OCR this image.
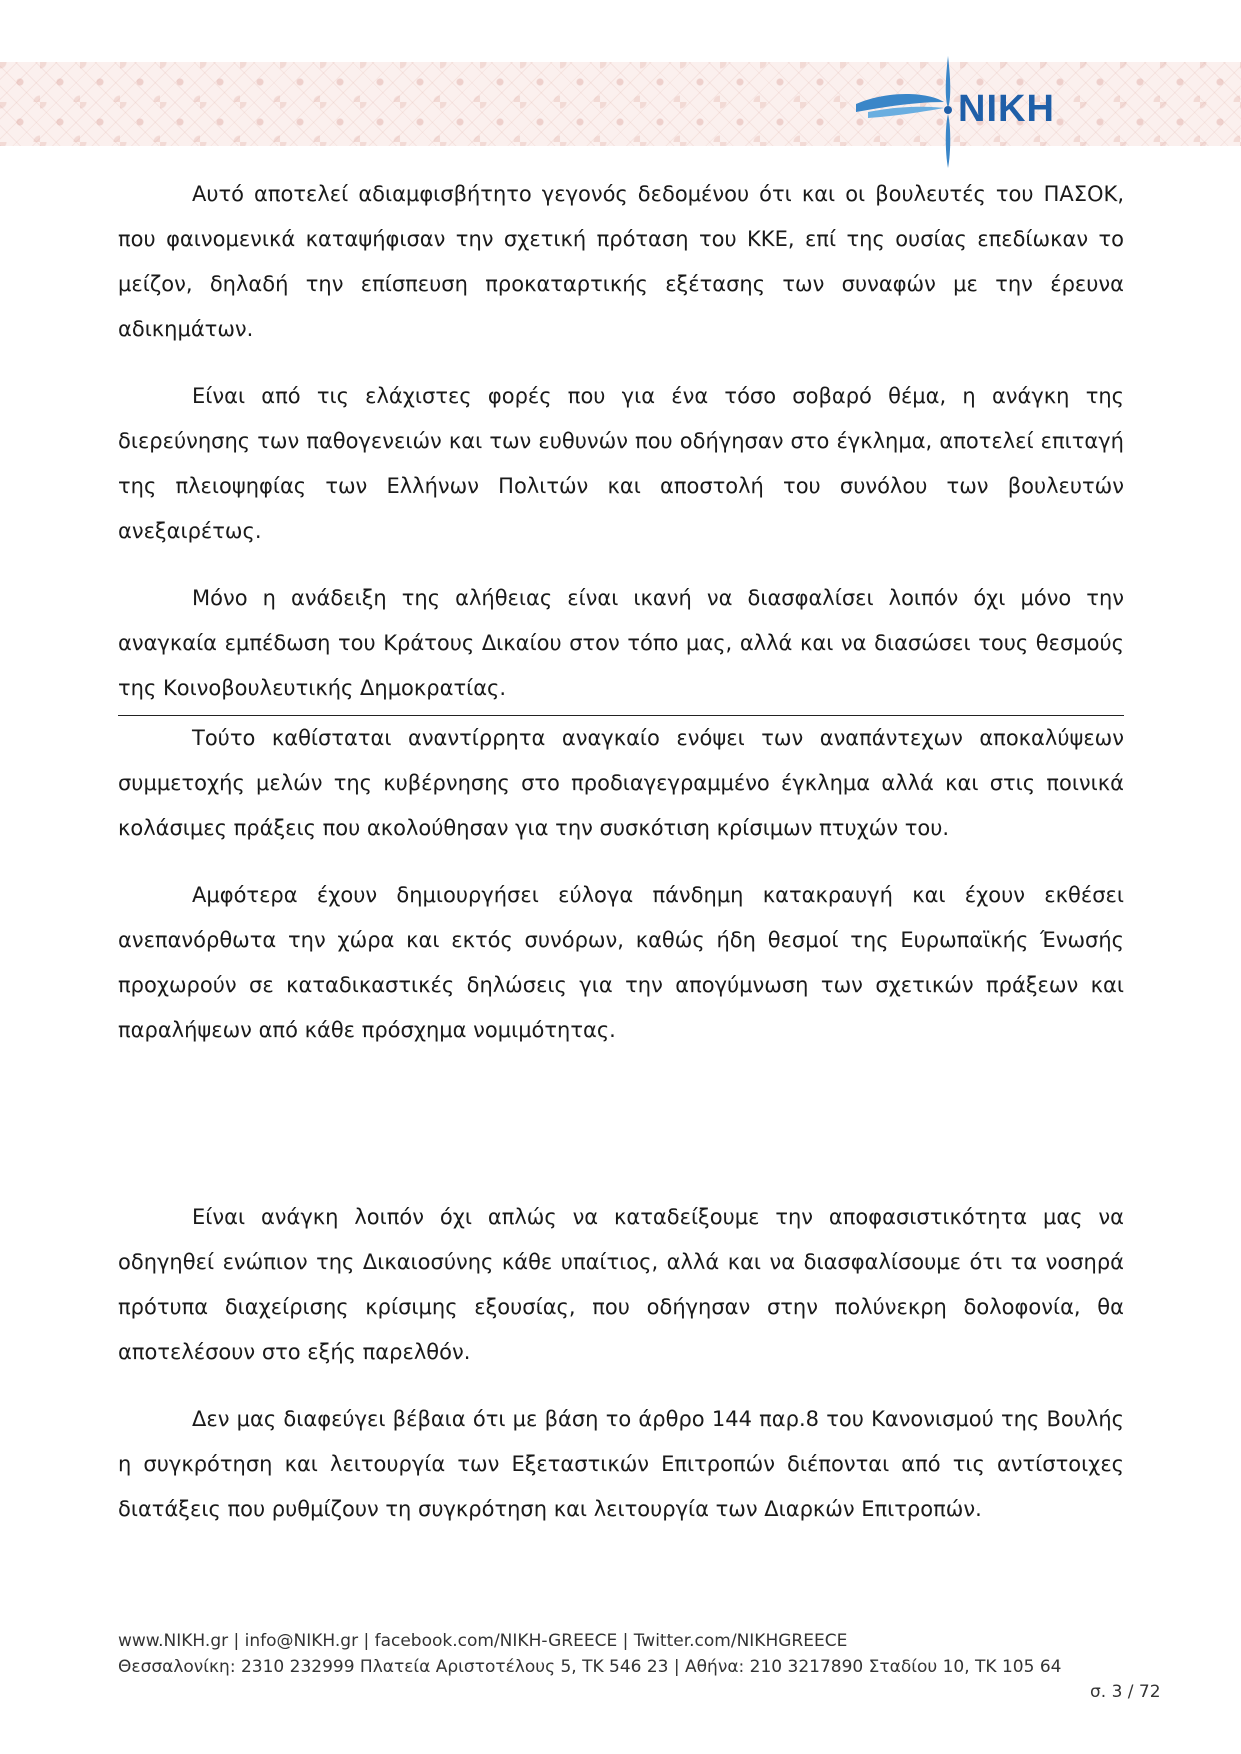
ΝΙΚΗ

Αυτό αποτελεί αδιαμφισβήτητο γεγονός δεδομένου ότι και οι βουλευτές του ΠΑΣΟΚ, που φαινομενικά καταψήφισαν την σχετική πρόταση του ΚΚΕ, επί της ουσίας επεδίωκαν το μείζον, δηλαδή την επίσπευση προκαταρτικής εξέτασης των συναφών με την έρευνα αδικημάτων.

Είναι από τις ελάχιστες φορές που για ένα τόσο σοβαρό θέμα, η ανάγκη της διερεύνησης των παθογενειών και των ευθυνών που οδήγησαν στο έγκλημα, αποτελεί επιταγή της πλειοψηφίας των Ελλήνων Πολιτών και αποστολή του συνόλου των βουλευτών ανεξαιρέτως.

Μόνο η ανάδειξη της αλήθειας είναι ικανή να διασφαλίσει λοιπόν όχι μόνο την αναγκαία εμπέδωση του Κράτους Δικαίου στον τόπο μας, αλλά και να διασώσει τους θεσμούς της Κοινοβουλευτικής Δημοκρατίας.

Τούτο καθίσταται αναντίρρητα αναγκαίο ενόψει των αναπάντεχων αποκαλύψεων συμμετοχής μελών της κυβέρνησης στο προδιαγεγραμμένο έγκλημα αλλά και στις ποινικά κολάσιμες πράξεις που ακολούθησαν για την συσκότιση κρίσιμων πτυχών του.

Αμφότερα έχουν δημιουργήσει εύλογα πάνδημη κατακραυγή και έχουν εκθέσει ανεπανόρθωτα την χώρα και εκτός συνόρων, καθώς ήδη θεσμοί της Ευρωπαϊκής Ένωσής προχωρούν σε καταδικαστικές δηλώσεις για την απογύμνωση των σχετικών πράξεων και παραλήψεων από κάθε πρόσχημα νομιμότητας.

Είναι ανάγκη λοιπόν όχι απλώς να καταδείξουμε την αποφασιστικότητα μας να οδηγηθεί ενώπιον της Δικαιοσύνης κάθε υπαίτιος, αλλά και να διασφαλίσουμε ότι τα νοσηρά πρότυπα διαχείρισης κρίσιμης εξουσίας, που οδήγησαν στην πολύνεκρη δολοφονία, θα αποτελέσουν στο εξής παρελθόν.

Δεν μας διαφεύγει βέβαια ότι με βάση το άρθρο 144 παρ.8 του Κανονισμού της Βουλής η συγκρότηση και λειτουργία των Εξεταστικών Επιτροπών διέπονται από τις αντίστοιχες διατάξεις που ρυθμίζουν τη συγκρότηση και λειτουργία των Διαρκών Επιτροπών.

www.NIKH.gr | info@NIKH.gr | facebook.com/NIKH-GREECE | Twitter.com/NIKHGREECE
Θεσσαλονίκη: 2310 232999 Πλατεία Αριστοτέλους 5, ΤΚ 546 23 | Αθήνα: 210 3217890 Σταδίου 10, ΤΚ 105 64
σ. 3 / 72
